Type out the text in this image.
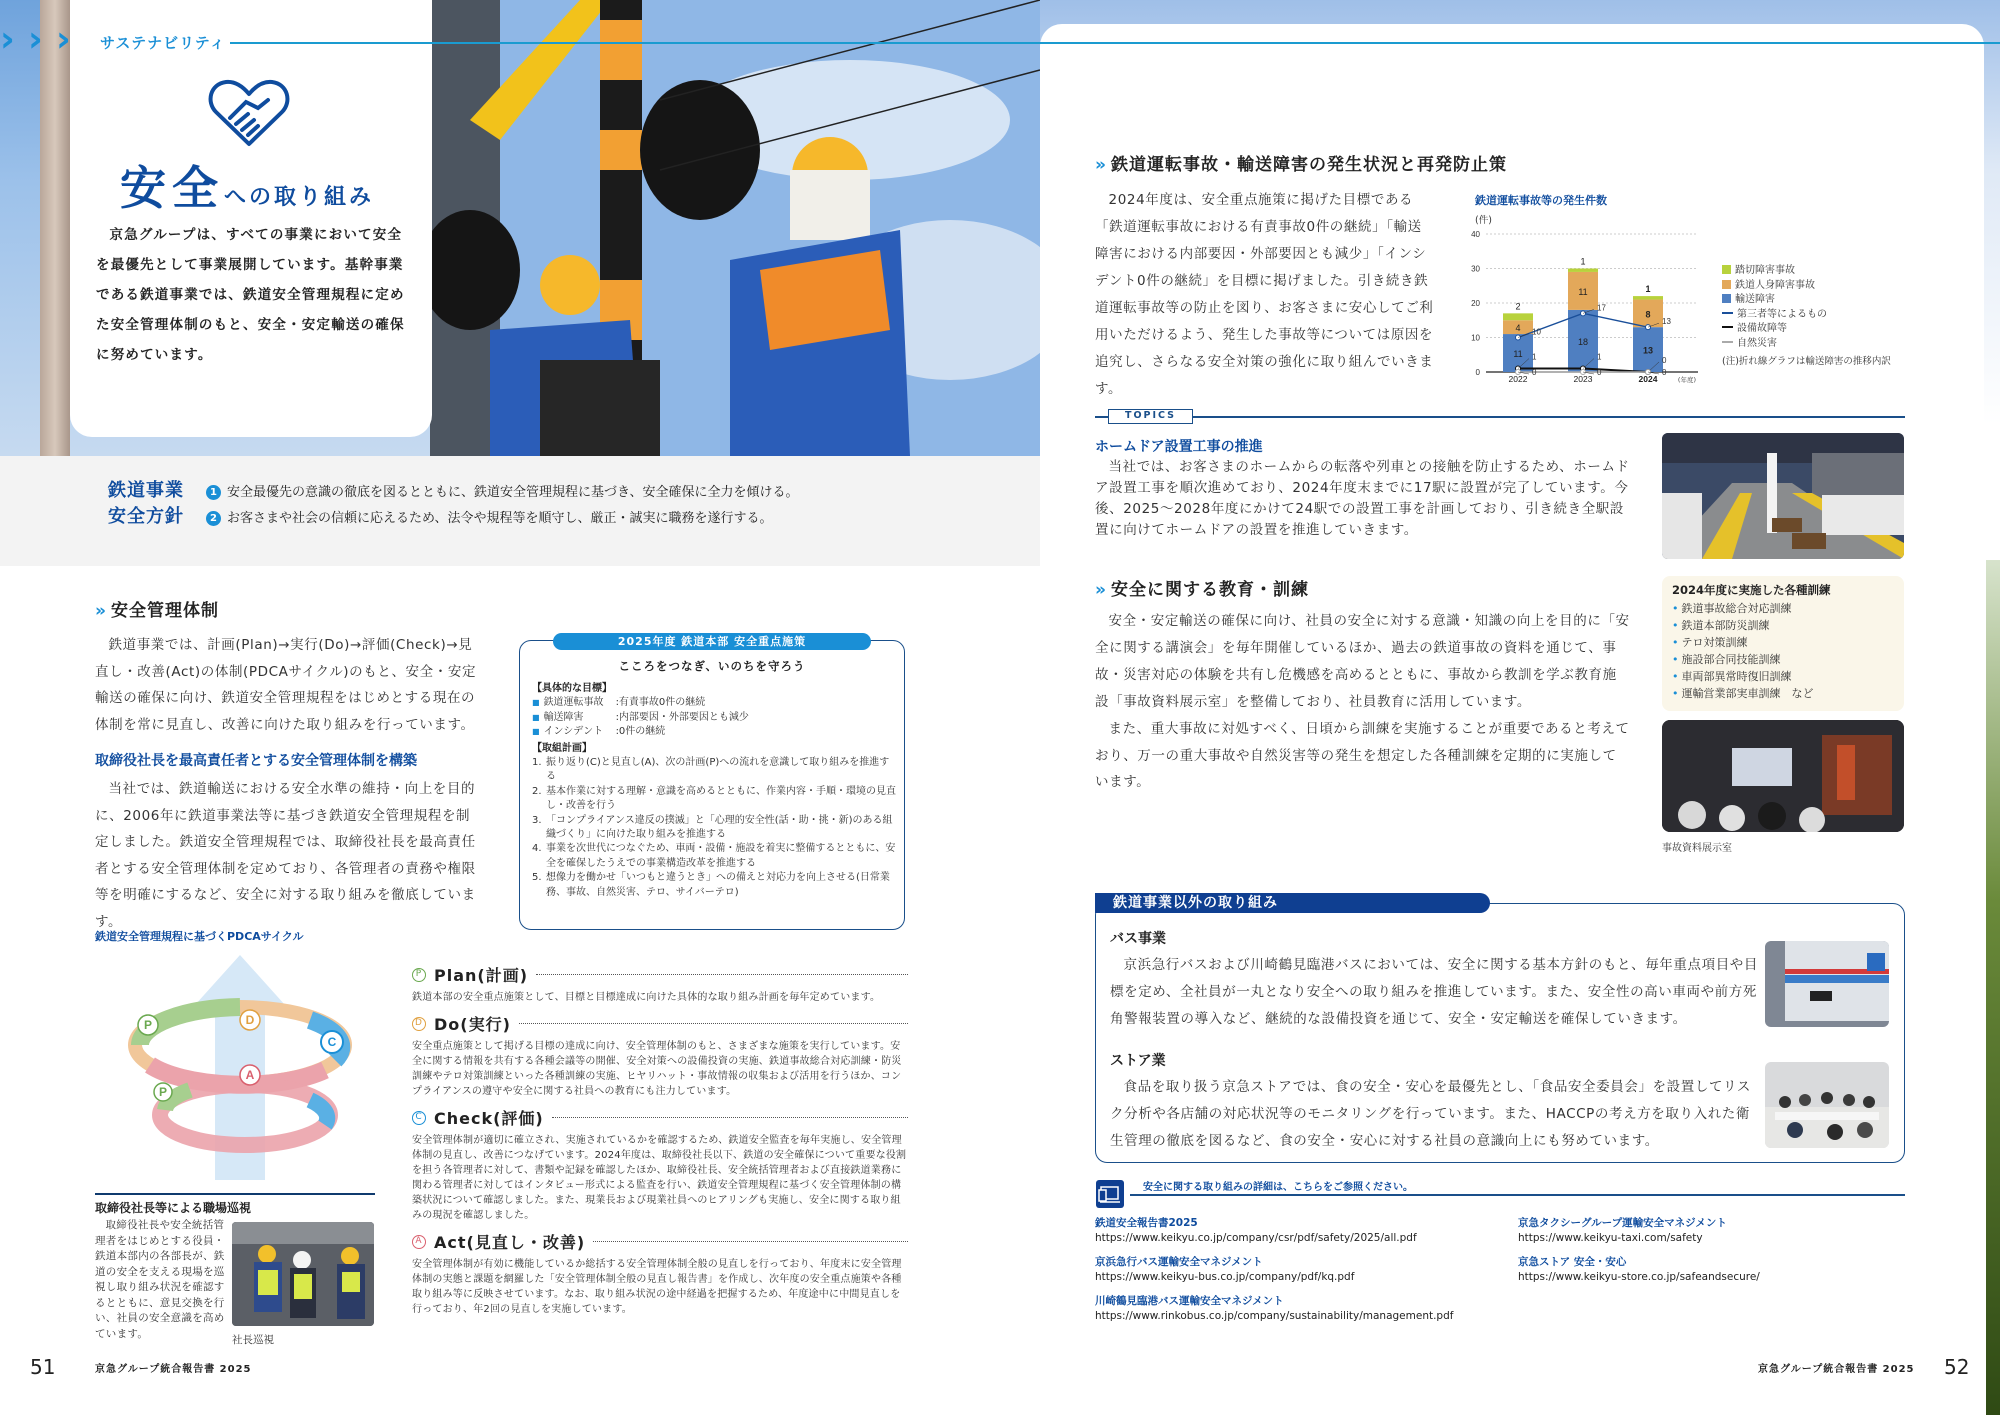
› › ›	サステナビリティ
安全への取り組み

京急グループは、すべての事業において安全を最優先として事業展開しています。基幹事業である鉄道事業では、鉄道安全管理規程に定めた安全管理体制のもと、安全・安定輸送の確保に努めています。

鉄道事業
安全方針
1 安全最優先の意識の徹底を図るとともに、鉄道安全管理規程に基づき、安全確保に全力を傾ける。
2 お客さまや社会の信頼に応えるため、法令や規程等を順守し、厳正・誠実に職務を遂行する。
›› 安全管理体制

鉄道事業では、計画(Plan)→実行(Do)→評価(Check)→見直し・改善(Act)の体制(PDCAサイクル)のもと、安全・安定輸送の確保に向け、鉄道安全管理規程をはじめとする現在の体制を常に見直し、改善に向けた取り組みを行っています。

取締役社長を最高責任者とする安全管理体制を構築

当社では、鉄道輸送における安全水準の維持・向上を目的に、2006年に鉄道事業法等に基づき鉄道安全管理規程を制定しました。鉄道安全管理規程では、取締役社長を最高責任者とする安全管理体制を定めており、各管理者の責務や権限等を明確にするなど、安全に対する取り組みを徹底しています。

鉄道安全管理規程に基づくPDCAサイクル
P	D
C
A
P
取締役社長等による職場巡視

取締役社長や安全統括管理者をはじめとする役員・鉄道本部内の各部長が、鉄道の安全を支える現場を巡視し取り組み状況を確認するとともに、意見交換を行い、社員の安全意識を高めています。

社長巡視
2025年度 鉄道本部 安全重点施策
こころをつなぎ、いのちを守ろう
【具体的な目標】
■ 鉄道運転事故	:有責事故0件の継続
■ 輸送障害	:内部要因・外部要因とも減少
■ インシデント	:0件の継続
【取組計画】
1. 振り返り(C)と見直し(A)、次の計画(P)への流れを意識して取り組みを推進する
2. 基本作業に対する理解・意識を高めるとともに、作業内容・手順・環境の見直し・改善を行う
3. 「コンプライアンス違反の撲滅」と「心理的安全性(話・助・挑・新)のある組織づくり」に向けた取り組みを推進する
4. 事業を次世代につなぐため、車両・設備・施設を着実に整備するとともに、安全を確保したうえでの事業構造改革を推進する
5. 想像力を働かせ「いつもと違うとき」への備えと対応力を向上させる(日常業務、事故、自然災害、テロ、サイバーテロ)
P Plan(計画)
鉄道本部の安全重点施策として、目標と目標達成に向けた具体的な取り組み計画を毎年定めています。
D Do(実行)
安全重点施策として掲げる目標の達成に向け、安全管理体制のもと、さまざまな施策を実行しています。安全に関する情報を共有する各種会議等の開催、安全対策への設備投資の実施、鉄道事故総合対応訓練・防災訓練やテロ対策訓練といった各種訓練の実施、ヒヤリハット・事故情報の収集および活用を行うほか、コンプライアンスの遵守や安全に関する社員への教育にも注力しています。
C Check(評価)
安全管理体制が適切に確立され、実施されているかを確認するため、鉄道安全監査を毎年実施し、安全管理体制の見直し、改善につなげています。2024年度は、取締役社長以下、鉄道の安全確保について重要な役割を担う各管理者に対して、書類や記録を確認したほか、取締役社長、安全統括管理者および直接鉄道業務に関わる管理者に対してはインタビュー形式による監査を行い、鉄道安全管理規程に基づく安全管理体制の構築状況について確認しました。また、現業長および現業社員へのヒアリングも実施し、安全に関する取り組みの現況を確認しました。
A Act(見直し・改善)
安全管理体制が有効に機能しているか総括する安全管理体制全般の見直しを行っており、年度末に安全管理体制の実態と課題を網羅した「安全管理体制全般の見直し報告書」を作成し、次年度の安全重点施策や各種取り組み等に反映させています。なお、取り組み状況の途中経過を把握するため、年度途中に中間見直しを行っており、年2回の見直しを実施しています。
51	京急グループ統合報告書 2025
›› 鉄道運転事故・輸送障害の発生状況と再発防止策

2024年度は、安全重点施策に掲げた目標である「鉄道運転事故における有責事故0件の継続」「輸送障害における内部要因・外部要因とも減少」「インシデント0件の継続」を目標に掲げました。引き続き鉄道運転事故等の防止を図り、お客さまに安心してご利用いただけるよう、発生した事故等については原因を追究し、さらなる安全対策の強化に取り組んでいきます。

鉄道運転事故等の発生件数
(件)
0
10
20
30
40
11
4
2
2022
18
11
1
2023
13
8
1
2024	(年度)
10
17
13
1	1	0
0	0	0
踏切障害事故
鉄道人身障害事故
輸送障害
第三者等によるもの
設備故障等
自然災害
(注)折れ線グラフは輸送障害の推移内訳
TOPICS
ホームドア設置工事の推進

当社では、お客さまのホームからの転落や列車との接触を防止するため、ホームドア設置工事を順次進めており、2024年度末までに17駅に設置が完了しています。今後、2025〜2028年度にかけて24駅での設置工事を計画しており、引き続き全駅設置に向けてホームドアの設置を推進していきます。

›› 安全に関する教育・訓練

安全・安定輸送の確保に向け、社員の安全に対する意識・知識の向上を目的に「安全に関する講演会」を毎年開催しているほか、過去の鉄道事故の資料を通じて、事故・災害対応の体験を共有し危機感を高めるとともに、事故から教訓を学ぶ教育施設「事故資料展示室」を整備しており、社員教育に活用しています。

また、重大事故に対処すべく、日頃から訓練を実施することが重要であると考えており、万一の重大事故や自然災害等の発生を想定した各種訓練を定期的に実施しています。

2024年度に実施した各種訓練
• 鉄道事故総合対応訓練
• 鉄道本部防災訓練
• テロ対策訓練
• 施設部合同技能訓練
• 車両部異常時復旧訓練
• 運輸営業部実車訓練　など
事故資料展示室
鉄道事業以外の取り組み
バス事業

京浜急行バスおよび川崎鶴見臨港バスにおいては、安全に関する基本方針のもと、毎年重点項目や目標を定め、全社員が一丸となり安全への取り組みを推進しています。また、安全性の高い車両や前方死角警報装置の導入など、継続的な設備投資を通じて、安全・安定輸送を確保していきます。

ストア業

食品を取り扱う京急ストアでは、食の安全・安心を最優先とし、「食品安全委員会」を設置してリスク分析や各店舗の対応状況等のモニタリングを行っています。また、HACCPの考え方を取り入れた衛生管理の徹底を図るなど、食の安全・安心に対する社員の意識向上にも努めています。

安全に関する取り組みの詳細は、こちらをご参照ください。
鉄道安全報告書2025
https://www.keikyu.co.jp/company/csr/pdf/safety/2025/all.pdf
京浜急行バス運輸安全マネジメント
https://www.keikyu-bus.co.jp/company/pdf/kq.pdf
川崎鶴見臨港バス運輸安全マネジメント
https://www.rinkobus.co.jp/company/sustainability/management.pdf
京急タクシーグループ運輸安全マネジメント
https://www.keikyu-taxi.com/safety
京急ストア 安全・安心
https://www.keikyu-store.co.jp/safeandsecure/
京急グループ統合報告書 2025 52
